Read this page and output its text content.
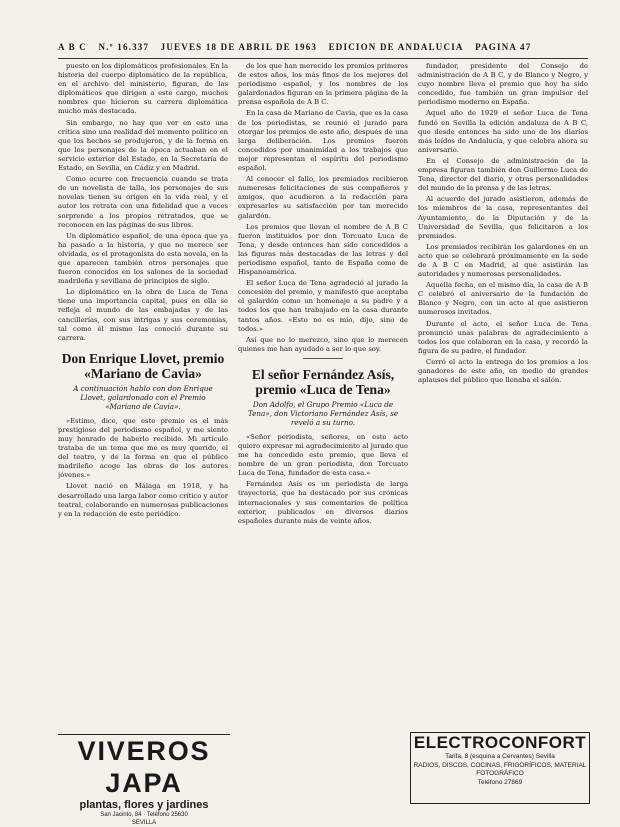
A B C N.º 16.337 JUEVES 18 DE ABRIL DE 1963 EDICION DE ANDALUCIA PAGINA 47

puesto en los diplomáticos profesionales. En la historia del cuerpo diplomático de la república, en el archivo del ministerio, figuran, de las diplomáticos que dirigen a este cargo, muchos nombres que hicieron su carrera diplomática mucho más destacada.

Sin embargo, no hay que ver en esto una crítica sino una realidad del momento político en que los hechos se produjeron, y de la forma en que los personajes de la época actuaban en el servicio exterior del Estado, en la Secretaría de Estado, en Sevilla, en Cádiz y en Madrid.

Como ocurre con frecuencia cuando se trata de un novelista de talla, los personajes de sus novelas tienen su origen en la vida real, y el autor los retrata con una fidelidad que a veces sorprende a los propios retratados, que se reconocen en las páginas de sus libros.

Un diplomático español, de una época que ya ha pasado a la historia, y que no merece ser olvidada, es el protagonista de esta novela, en la que aparecen también otros personajes que fueron conocidos en los salones de la sociedad madrileña y sevillana de principios de siglo.

Lo diplomático en la obra de Luca de Tena tiene una importancia capital, pues en ella se refleja el mundo de las embajadas y de las cancillerías, con sus intrigas y sus ceremonias, tal como él mismo las conoció durante su carrera.

Don Enrique Llovet, premio «Mariano de Cavia»
A continuación hablo con don Enrique Llovet, galardonado con el Premio «Mariano de Cavia».

«Estimo, dice, que este premio es el más prestigioso del periodismo español, y me siento muy honrado de haberlo recibido. Mi artículo trataba de un tema que me es muy querido, el del teatro, y de la forma en que el público madrileño acoge las obras de los autores jóvenes.»

Llovet nació en Málaga en 1918, y ha desarrollado una larga labor como crítico y autor teatral, colaborando en numerosas publicaciones y en la redacción de este periódico.

de los que han merecido los premios primeros de estos años, los más finos de los mejores del periodismo español, y los nombres de los galardonados figuran en la primera página de la prensa española de A B C.

En la casa de Mariano de Cavia, que es la casa de los periodistas, se reunió el jurado para otorgar los premios de este año, después de una larga deliberación. Los premios fueron concedidos por unanimidad a los trabajos que mejor representan el espíritu del periodismo español.

Al conocer el fallo, los premiados recibieron numerosas felicitaciones de sus compañeros y amigos, que acudieron a la redacción para expresarles su satisfacción por tan merecido galardón.

Los premios que llevan el nombre de A B C fueron instituidos por don Torcuato Luca de Tena, y desde entonces han sido concedidos a las figuras más destacadas de las letras y del periodismo español, tanto de España como de Hispanoamérica.

El señor Luca de Tena agradeció al jurado la concesión del premio, y manifestó que aceptaba el galardón como un homenaje a su padre y a todos los que han trabajado en la casa durante tantos años. «Esto no es mío, dijo, sino de todos.»

Así que no lo merezco, sino que lo merecen quienes me han ayudado a ser lo que soy.

El señor Fernández Asís, premio «Luca de Tena»
Don Adolfo, el Grupo Premio «Luca de Tena», don Victoriano Fernández Asís, se reveló a su turno.

«Señor periodista, señores, en este acto quiero expresar mi agradecimiento al jurado que me ha concedido este premio, que lleva el nombre de un gran periodista, don Torcuato Luca de Tena, fundador de esta casa.»

Fernández Asís es un periodista de larga trayectoria, que ha destacado por sus crónicas internacionales y sus comentarios de política exterior, publicados en diversos diarios españoles durante más de veinte años.

fundador, presidente del Consejo de administración de A B C, y de Blanco y Negro, y cuyo nombre lleva el premio que hoy ha sido concedido, fue también un gran impulsor del periodismo moderno en España.

Aquel año de 1929 el señor Luca de Tena fundó en Sevilla la edición andaluza de A B C, que desde entonces ha sido uno de los diarios más leídos de Andalucía, y que celebra ahora su aniversario.

En el Consejo de administración de la empresa figuran también don Guillermo Luca de Tena, director del diario, y otras personalidades del mundo de la prensa y de las letras.

Al acuerdo del jurado asistieron, además de los miembros de la casa, representantes del Ayuntamiento, de la Diputación y de la Universidad de Sevilla, que felicitaron a los premiados.

Los premiados recibirán los galardones en un acto que se celebrará próximamente en la sede de A B C en Madrid, al que asistirán las autoridades y numerosas personalidades.

Aquella fecha, en el mismo día, la casa de A B C celebró el aniversario de la fundación de Blanco y Negro, con un acto al que asistieron numerosos invitados.

Durante el acto, el señor Luca de Tena pronunció unas palabras de agradecimiento a todos los que colaboran en la casa, y recordó la figura de su padre, el fundador.

Cerró el acto la entrega de los premios a los ganadores de este año, en medio de grandes aplausos del público que llenaba el salón.

VIVEROS JAPA
plantas, flores y jardines
San Jacinto, 84 · Teléfono 25630
SEVILLA
ELECTROCONFORT
Tarifa, 8 (esquina a Cervantes) Sevilla
RADIOS, DISCOS, COCINAS, FRIGORÍFICOS, MATERIAL FOTOGRÁFICO
Teléfono 27869
